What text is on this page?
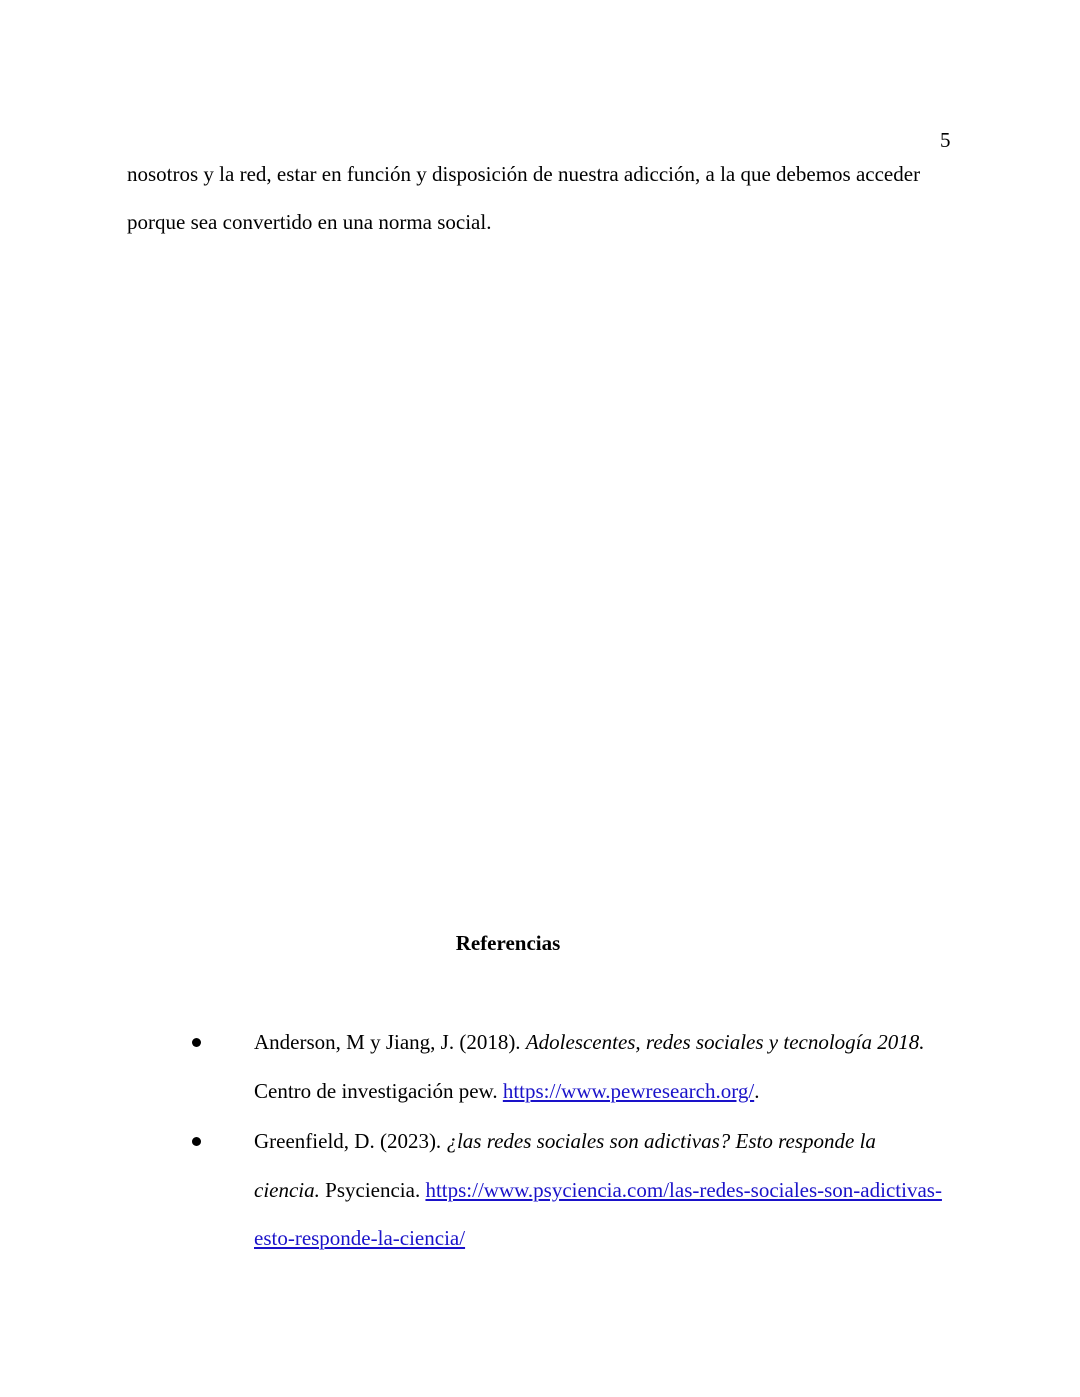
5

nosotros y la red, estar en función y disposición de nuestra adicción, a la que debemos acceder

porque sea convertido en una norma social.

Referencias
Anderson, M y Jiang, J. (2018). Adolescentes, redes sociales y tecnología 2018.
Centro de investigación pew. https://www.pewresearch.org/.
Greenfield, D. (2023). ¿las redes sociales son adictivas? Esto responde la
ciencia. Psyciencia. https://www.psyciencia.com/las-redes-sociales-son-adictivas-
esto-responde-la-ciencia/
